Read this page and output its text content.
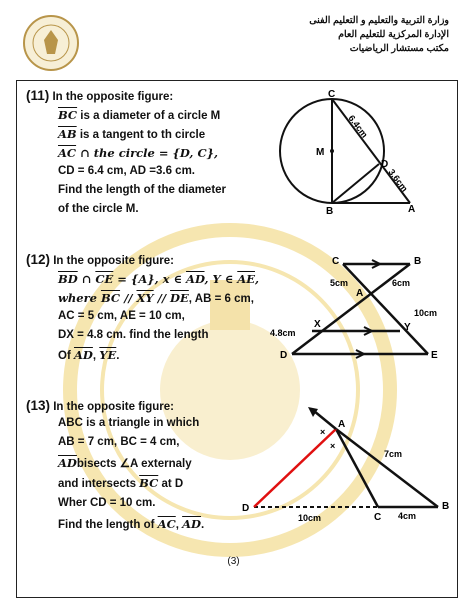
وزارة التربية والتعليم و التعليم الفنى
الإدارة المركزية للتعليم العام
مكتب مستشار الرياضيات
(11) In the opposite figure:
$\overline{BC}$ is a diameter of a circle M
$\overline{AB}$ is a tangent to th circle
$\overline{AC}$ ∩ the circle = {D, C},
CD = 6.4 cm, AD =3.6 cm.
Find the length of the diameter
of the circle M.
C
M
D
B	A
6.4cm
3.6cm
(12) In the opposite figure:
$\overline{BD}$ ∩ $\overline{CE} = \{A\}$, x ∈ $\overline{AD}$, Y ∈ $\overline{AE}$,
where $\overline{BC} // \overline{XY} // \overline{DE}$, AB = 6 cm,
AC = 5 cm, AE = 10 cm,
DX = 4.8 cm. find the length
Of $\overline{AD}$, $\overline{YE}$.
C	B
A
X	Y
D	E
5cm	6cm
10cm
4.8cm
(13) In the opposite figure:
ABC is a triangle in which
AB = 7 cm, BC = 4 cm,
$\overline{AD}bisects$ ∠A externaly
and intersects $\overline{BC}$ at D
Wher CD = 10 cm.
Find the length of $\overline{AC}$, $\overline{AD}$.
×
×
A
B
C
D
7cm
4cm
10cm
(3)
